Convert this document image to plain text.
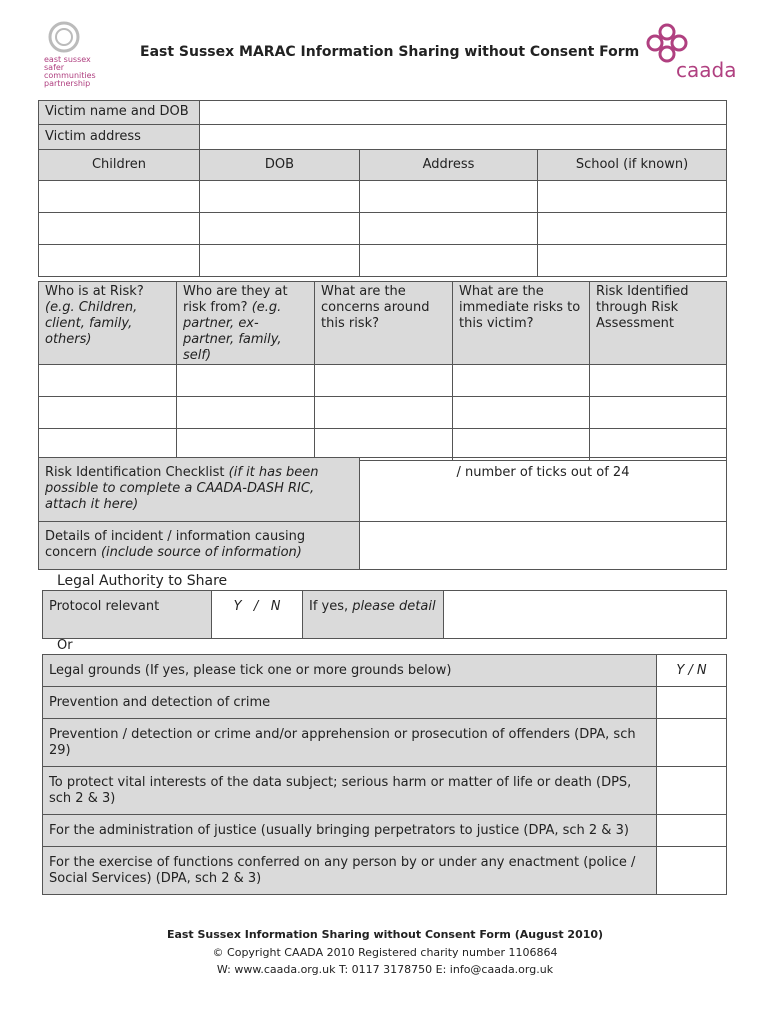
east sussex safer communities partnership
East Sussex MARAC Information Sharing without Consent Form
caada
Victim name and DOB			
Victim address			
Children	DOB	Address	School (if known)

Who is at Risk? (e.g. Children, client, family, others)	Who are they at risk from? (e.g. partner, ex-partner, family, self)	What are the concerns around this risk?	What are the immediate risks to this victim?	Risk Identified through Risk Assessment

Risk Identification Checklist (if it has been possible to complete a CAADA-DASH RIC, attach it here)	/ number of ticks out of 24
Details of incident / information causing concern (include source of information)	
Legal Authority to Share
Protocol relevant	Y   /   N	If yes, please detail	
Or
Legal grounds (If yes, please tick one or more grounds below)	Y / N
Prevention and detection of crime	
Prevention / detection or crime and/or apprehension or prosecution of offenders (DPA, sch 29)	
To protect vital interests of the data subject; serious harm or matter of life or death (DPS, sch 2 & 3)	
For the administration of justice (usually bringing perpetrators to justice (DPA, sch 2 & 3)	
For the exercise of functions conferred on any person by or under any enactment (police / Social Services) (DPA, sch 2 & 3)	
East Sussex Information Sharing without Consent Form (August 2010)
© Copyright CAADA 2010 Registered charity number 1106864
W: www.caada.org.uk T: 0117 3178750 E: info@caada.org.uk
